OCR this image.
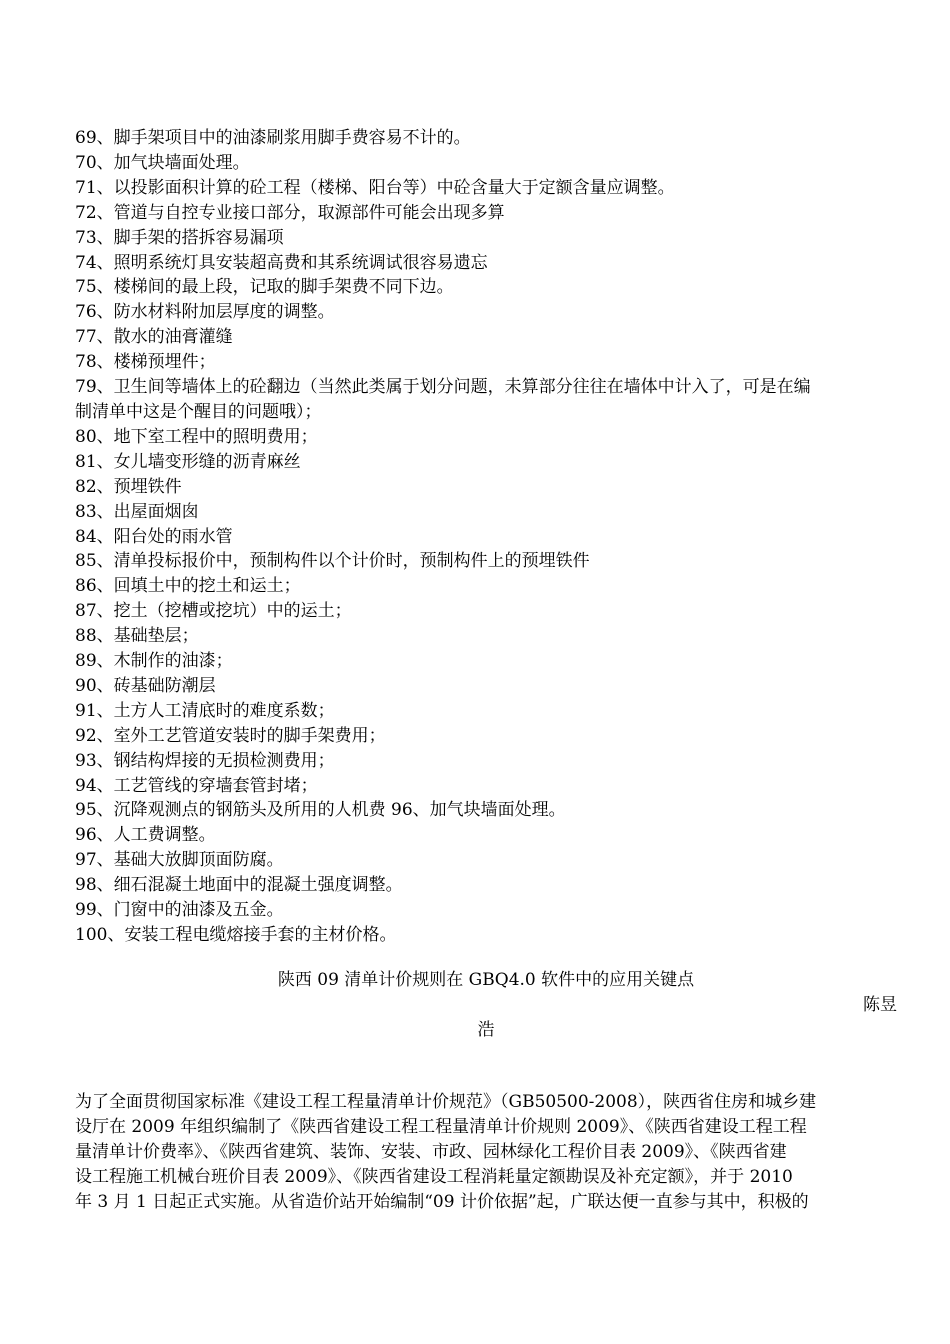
69、脚手架项目中的油漆刷浆用脚手费容易不计的。

70、加气块墙面处理。

71、以投影面积计算的砼工程（楼梯、阳台等）中砼含量大于定额含量应调整。

72、管道与自控专业接口部分，取源部件可能会出现多算

73、脚手架的搭拆容易漏项

74、照明系统灯具安装超高费和其系统调试很容易遗忘

75、楼梯间的最上段，记取的脚手架费不同下边。

76、防水材料附加层厚度的调整。

77、散水的油膏灌缝

78、楼梯预埋件；

79、卫生间等墙体上的砼翻边（当然此类属于划分问题，未算部分往往在墙体中计入了，可是在编

制清单中这是个醒目的问题哦）；

80、地下室工程中的照明费用；

81、女儿墙变形缝的沥青麻丝

82、预埋铁件

83、出屋面烟囱

84、阳台处的雨水管

85、清单投标报价中，预制构件以个计价时，预制构件上的预埋铁件

86、回填土中的挖土和运土；

87、挖土（挖槽或挖坑）中的运土；

88、基础垫层；

89、木制作的油漆；

90、砖基础防潮层

91、土方人工清底时的难度系数；

92、室外工艺管道安装时的脚手架费用；

93、钢结构焊接的无损检测费用；

94、工艺管线的穿墙套管封堵；

95、沉降观测点的钢筋头及所用的人机费 96、加气块墙面处理。

96、人工费调整。

97、基础大放脚顶面防腐。

98、细石混凝土地面中的混凝土强度调整。

99、门窗中的油漆及五金。

100、安装工程电缆熔接手套的主材价格。

陕西 09 清单计价规则在 GBQ4.0 软件中的应用关键点
陈昱
浩
为了全面贯彻国家标准《建设工程工程量清单计价规范》（GB50500-2008），陕西省住房和城乡建
设厅在 2009 年组织编制了《陕西省建设工程工程量清单计价规则 2009》、《陕西省建设工程工程
量清单计价费率》、《陕西省建筑、装饰、安装、市政、园林绿化工程价目表 2009》、《陕西省建
设工程施工机械台班价目表 2009》、《陕西省建设工程消耗量定额勘误及补充定额》，并于 2010
年 3 月 1 日起正式实施。从省造价站开始编制“09 计价依据”起，广联达便一直参与其中，积极的
